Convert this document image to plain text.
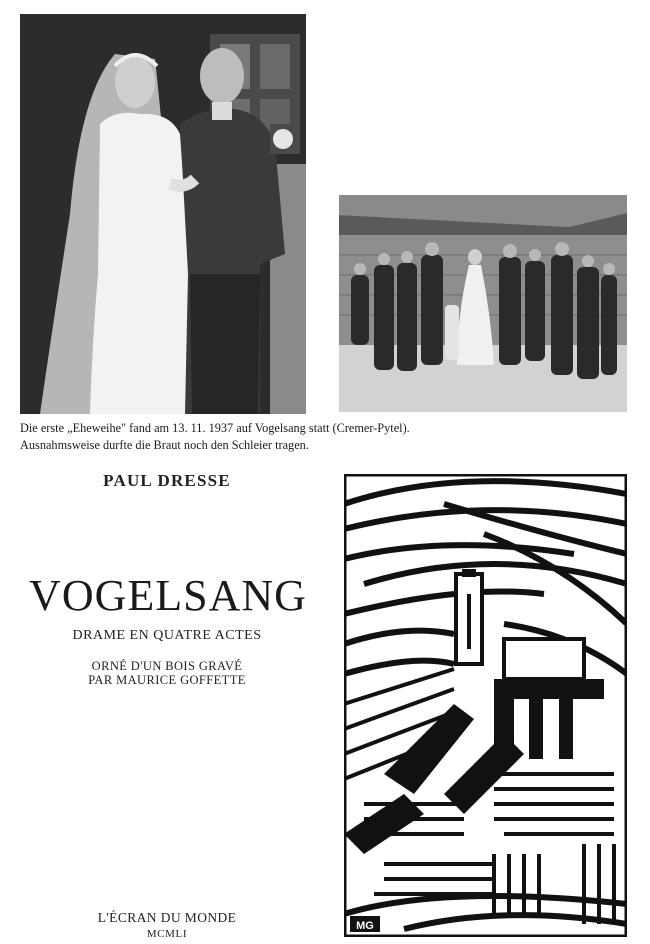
Die erste „Eheweihe" fand am 13. 11. 1937 auf Vogelsang statt (Cremer-Pytel).
Ausnahmsweise durfte die Braut noch den Schleier tragen.
PAUL DRESSE
VOGELSANG
DRAME EN QUATRE ACTES
ORNÉ D'UN BOIS GRAVÉ
PAR MAURICE GOFFETTE
L'ÉCRAN DU MONDE
MCMLI
MG
